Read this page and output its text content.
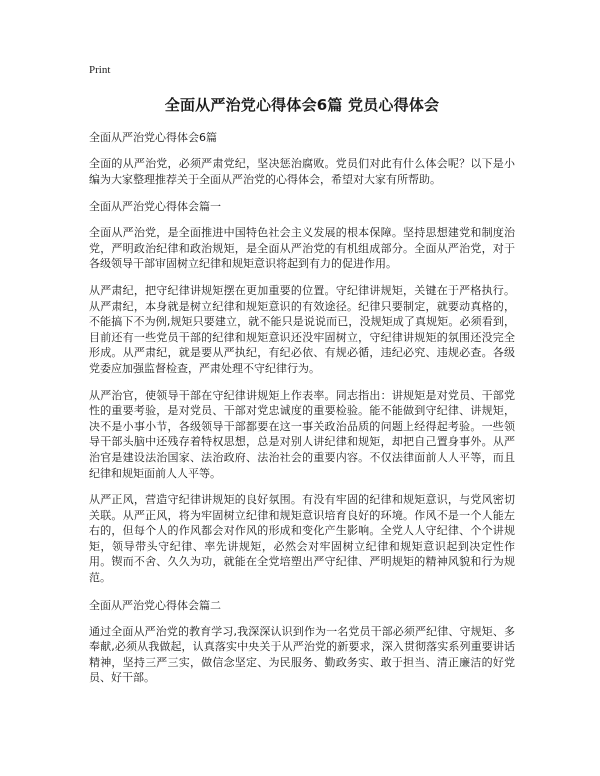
Print
全面从严治党心得体会6篇 党员心得体会

全面从严治党心得体会6篇

全面的从严治党，必须严肃党纪，坚决惩治腐败。党员们对此有什么体会呢？以下是小编为大家整理推荐关于全面从严治党的心得体会，希望对大家有所帮助。

全面从严治党心得体会篇一

全面从严治党，是全面推进中国特色社会主义发展的根本保障。坚持思想建党和制度治党，严明政治纪律和政治规矩，是全面从严治党的有机组成部分。全面从严治党，对于各级领导干部审固树立纪律和规矩意识将起到有力的促进作用。

从严肃纪，把守纪律讲规矩摆在更加重要的位置。守纪律讲规矩，关键在于严格执行。从严肃纪，本身就是树立纪律和规矩意识的有效途径。纪律只要制定，就要动真格的，不能搞下不为例,规矩只要建立，就不能只是说说而已，没规矩成了真规矩。必须看到，目前还有一些党员干部的纪律和规矩意识还没牢固树立，守纪律讲规矩的氛围还没完全形成。从严肃纪，就是要从严执纪，有纪必依、有规必循，违纪必究、违规必查。各级党委应加强监督检查，严肃处理不守纪律行为。

从严治官，使领导干部在守纪律讲规矩上作表率。同志指出：讲规矩是对党员、干部党性的重要考验，是对党员、干部对党忠诚度的重要检验。能不能做到守纪律、讲规矩，决不是小事小节，各级领导干部都要在这一事关政治品质的问题上经得起考验。一些领导干部头脑中还残存着特权思想，总是对别人讲纪律和规矩，却把自己置身事外。从严治官是建设法治国家、法治政府、法治社会的重要内容。不仅法律面前人人平等，而且纪律和规矩面前人人平等。

从严正风，营造守纪律讲规矩的良好氛围。有没有牢固的纪律和规矩意识，与党风密切关联。从严正风，将为牢固树立纪律和规矩意识培育良好的环境。作风不是一个人能左右的，但每个人的作风都会对作风的形成和变化产生影响。全党人人守纪律、个个讲规矩，领导带头守纪律、率先讲规矩，必然会对牢固树立纪律和规矩意识起到决定性作用。锲而不舍、久久为功，就能在全党培塑出严守纪律、严明规矩的精神风貌和行为规范。

全面从严治党心得体会篇二

通过全面从严治党的教育学习,我深深认识到作为一名党员干部必须严纪律、守规矩、多奉献,必须从我做起，认真落实中央关于从严治党的新要求，深入贯彻落实系列重要讲话精神，坚持三严三实，做信念坚定、为民服务、勤政务实、敢于担当、清正廉洁的好党员、好干部。
